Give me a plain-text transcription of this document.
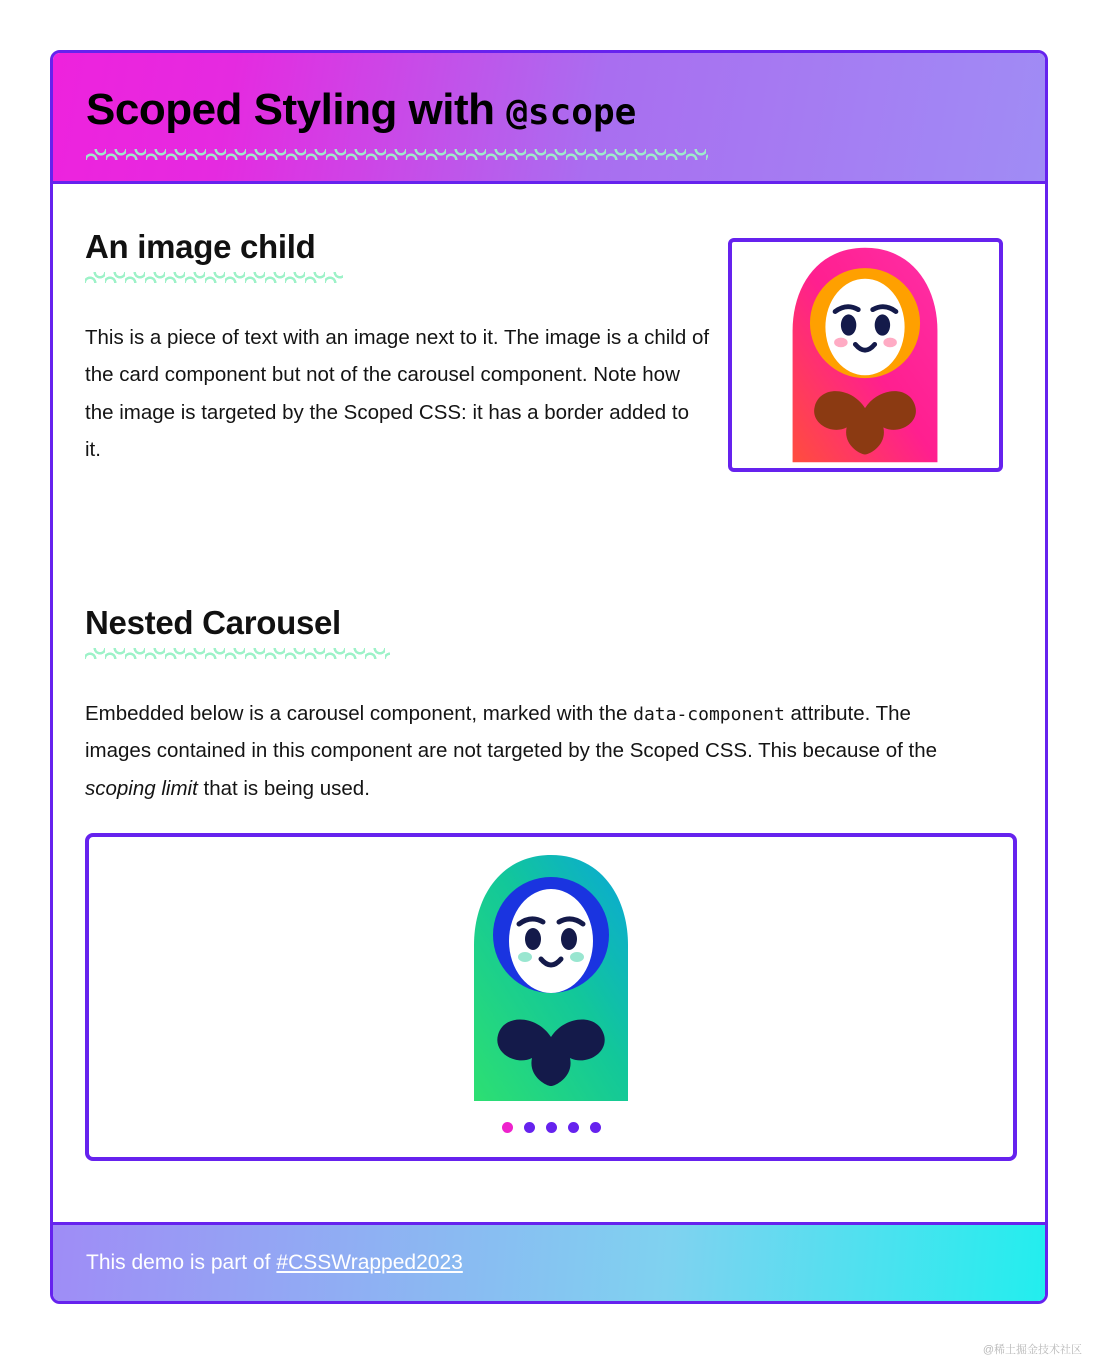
Scoped Styling with @scope
An image child

This is a piece of text with an image next to it. The image is a child of the card component but not of the carousel component. Note how the image is targeted by the Scoped CSS: it has a border added to it.

Nested Carousel

Embedded below is a carousel component, marked with the data-component attribute. The images contained in this component are not targeted by the Scoped CSS. This because of the scoping limit that is being used.

This demo is part of #CSSWrapped2023
@稀土掘金技术社区
